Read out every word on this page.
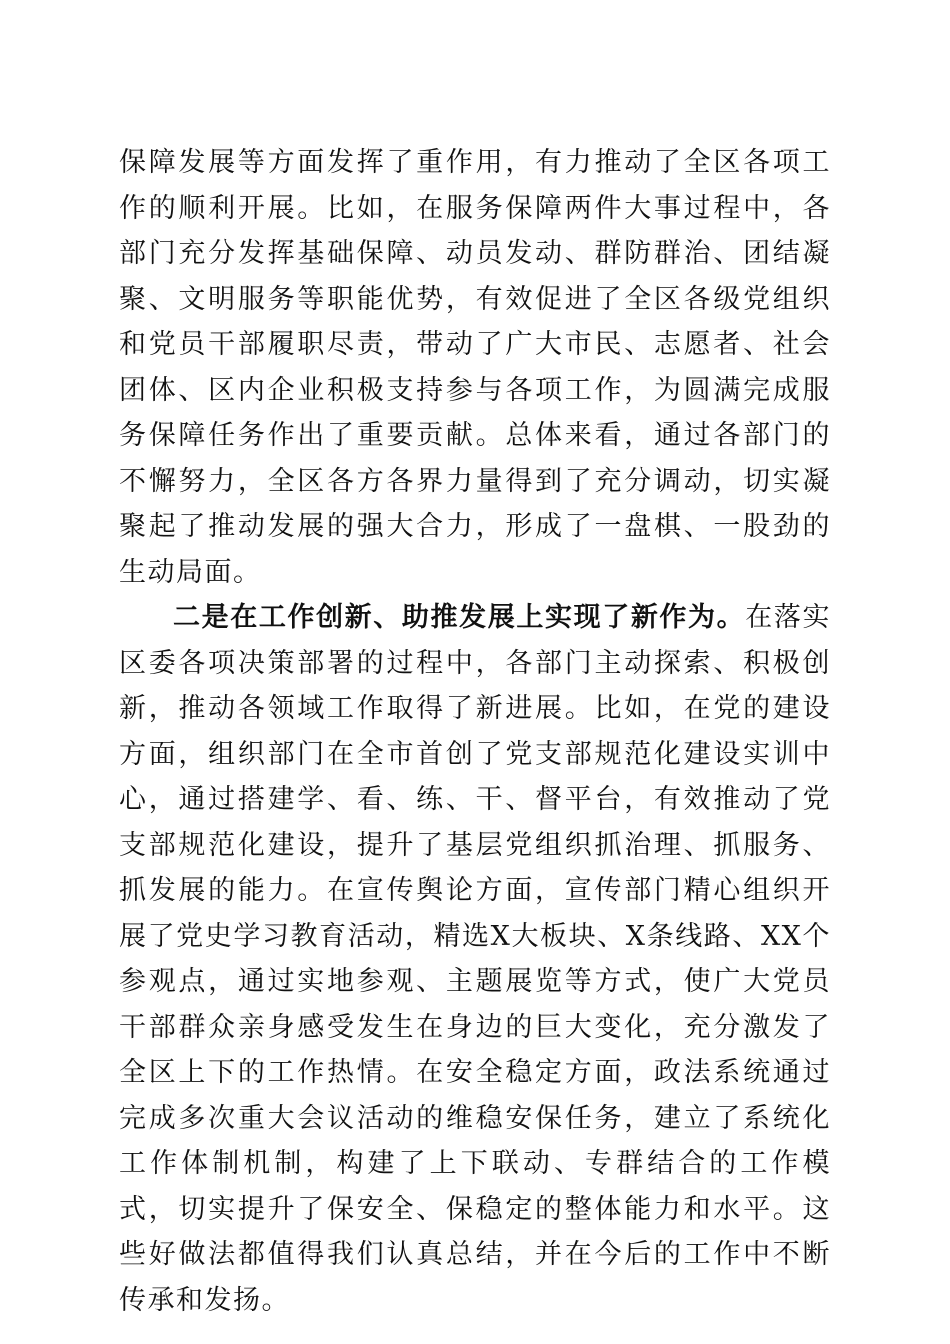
保障发展等方面发挥了重作用，有力推动了全区各项工作的顺利开展。比如，在服务保障两件大事过程中，各部门充分发挥基础保障、动员发动、群防群治、团结凝聚、文明服务等职能优势，有效促进了全区各级党组织和党员干部履职尽责，带动了广大市民、志愿者、社会团体、区内企业积极支持参与各项工作，为圆满完成服务保障任务作出了重要贡献。总体来看，通过各部门的不懈努力，全区各方各界力量得到了充分调动，切实凝聚起了推动发展的强大合力，形成了一盘棋、一股劲的生动局面。

二是在工作创新、助推发展上实现了新作为。在落实区委各项决策部署的过程中，各部门主动探索、积极创新，推动各领域工作取得了新进展。比如，在党的建设方面，组织部门在全市首创了党支部规范化建设实训中心，通过搭建学、看、练、干、督平台，有效推动了党支部规范化建设，提升了基层党组织抓治理、抓服务、抓发展的能力。在宣传舆论方面，宣传部门精心组织开展了党史学习教育活动，精选X大板块、X条线路、XX个参观点，通过实地参观、主题展览等方式，使广大党员干部群众亲身感受发生在身边的巨大变化，充分激发了全区上下的工作热情。在安全稳定方面，政法系统通过完成多次重大会议活动的维稳安保任务，建立了系统化工作体制机制，构建了上下联动、专群结合的工作模式，切实提升了保安全、保稳定的整体能力和水平。这些好做法都值得我们认真总结，并在今后的工作中不断传承和发扬。
